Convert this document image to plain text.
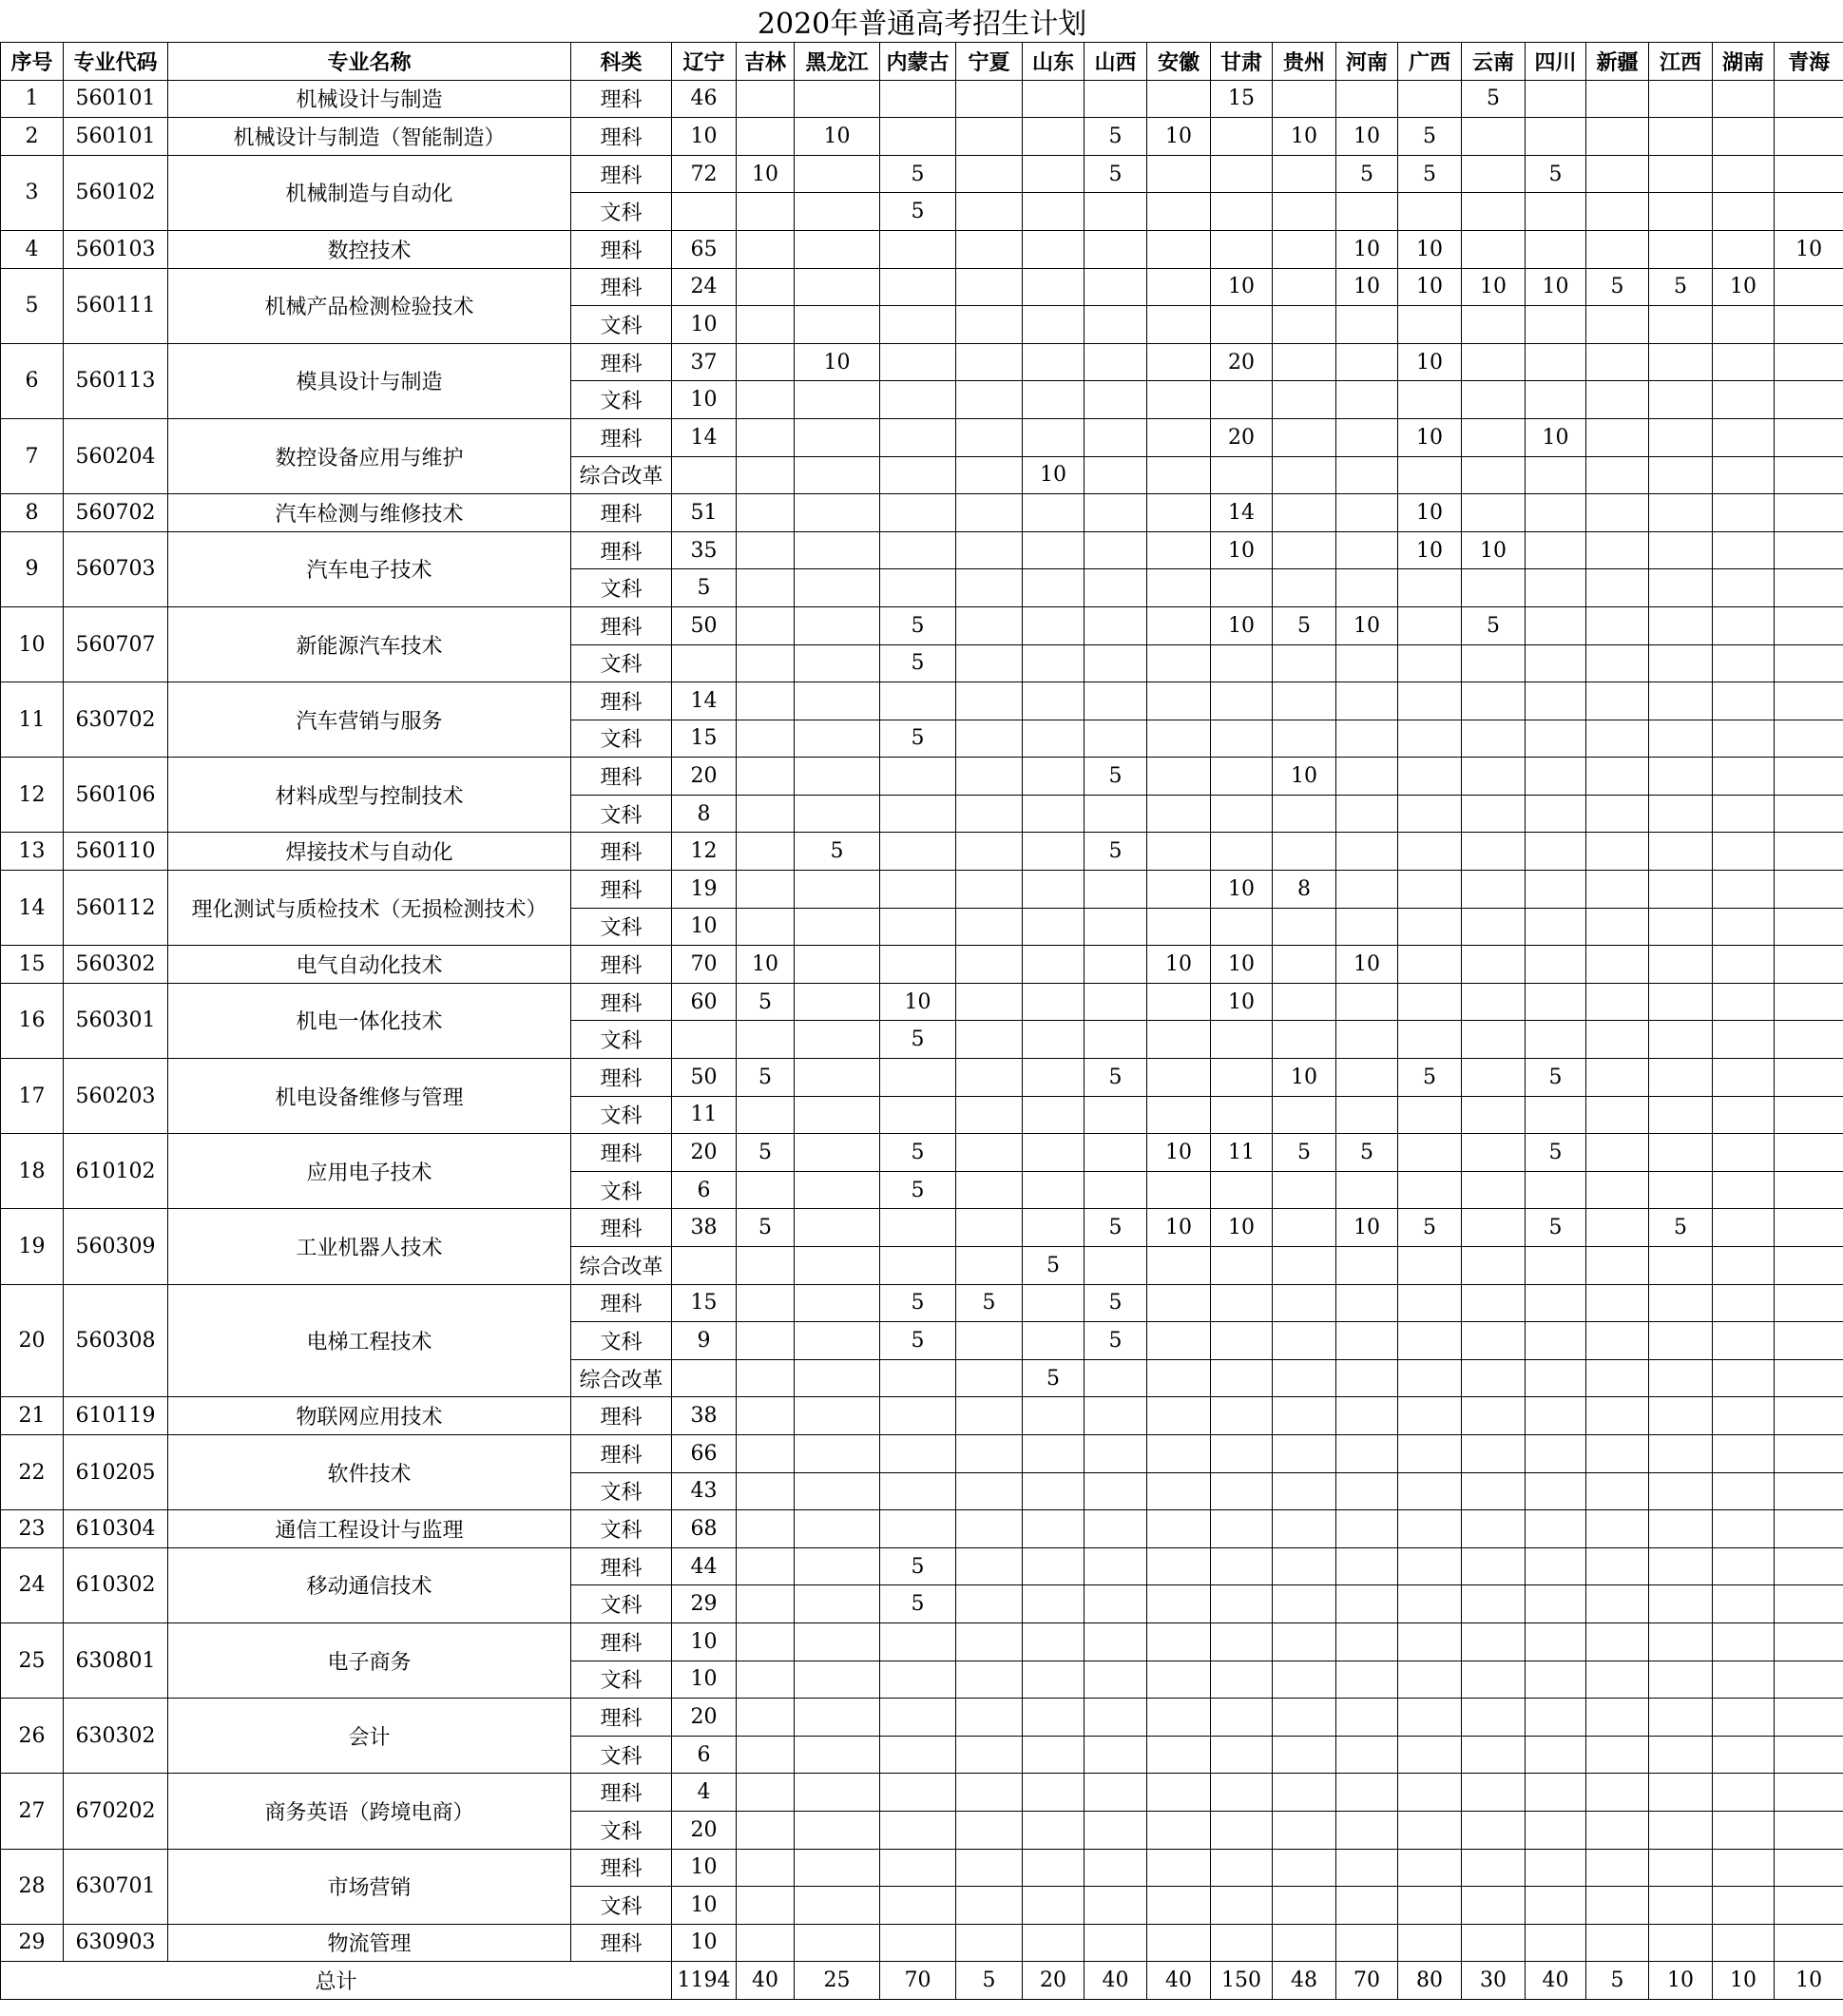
2020年普通高考招生计划																					
序号	专业代码	专业名称	科类	辽宁	吉林	黑龙江	内蒙古	宁夏	山东	山西	安徽	甘肃	贵州	河南	广西	云南	四川	新疆	江西	湖南	青海
1	560101	机械设计与制造	理科	46								15				5					
2	560101	机械设计与制造（智能制造）	理科	10		10				5	10		10	10	5						
3	560102	机械制造与自动化	理科	72	10		5			5				5	5		5				
			文科				5														
4	560103	数控技术	理科	65										10	10						10
5	560111	机械产品检测检验技术	理科	24								10		10	10	10	10	5	5	10	
			文科	10																	
6	560113	模具设计与制造	理科	37		10						20			10						
			文科	10																	
7	560204	数控设备应用与维护	理科	14								20			10		10				
			综合改革						10												
8	560702	汽车检测与维修技术	理科	51								14			10						
9	560703	汽车电子技术	理科	35								10			10	10					
			文科	5																	
10	560707	新能源汽车技术	理科	50			5					10	5	10		5					
			文科				5														
11	630702	汽车营销与服务	理科	14																	
			文科	15			5														
12	560106	材料成型与控制技术	理科	20						5			10								
			文科	8																	
13	560110	焊接技术与自动化	理科	12		5				5											
14	560112	理化测试与质检技术（无损检测技术）	理科	19								10	8								
			文科	10																	
15	560302	电气自动化技术	理科	70	10						10	10		10							
16	560301	机电一体化技术	理科	60	5		10					10									
			文科				5														
17	560203	机电设备维修与管理	理科	50	5					5			10		5		5				
			文科	11																	
18	610102	应用电子技术	理科	20	5		5				10	11	5	5			5				
			文科	6			5														
19	560309	工业机器人技术	理科	38	5					5	10	10		10	5		5		5		
			综合改革						5												
20	560308	电梯工程技术	理科	15			5	5		5											
			文科	9			5			5											
			综合改革						5												
21	610119	物联网应用技术	理科	38																	
22	610205	软件技术	理科	66																	
			文科	43																	
23	610304	通信工程设计与监理	文科	68																	
24	610302	移动通信技术	理科	44			5														
			文科	29			5														
25	630801	电子商务	理科	10																	
			文科	10																	
26	630302	会计	理科	20																	
			文科	6																	
27	670202	商务英语（跨境电商）	理科	4																	
			文科	20																	
28	630701	市场营销	理科	10																	
			文科	10																	
29	630903	物流管理	理科	10																	
总计				1194	40	25	70	5	20	40	40	150	48	70	80	30	40	5	10	10	10
